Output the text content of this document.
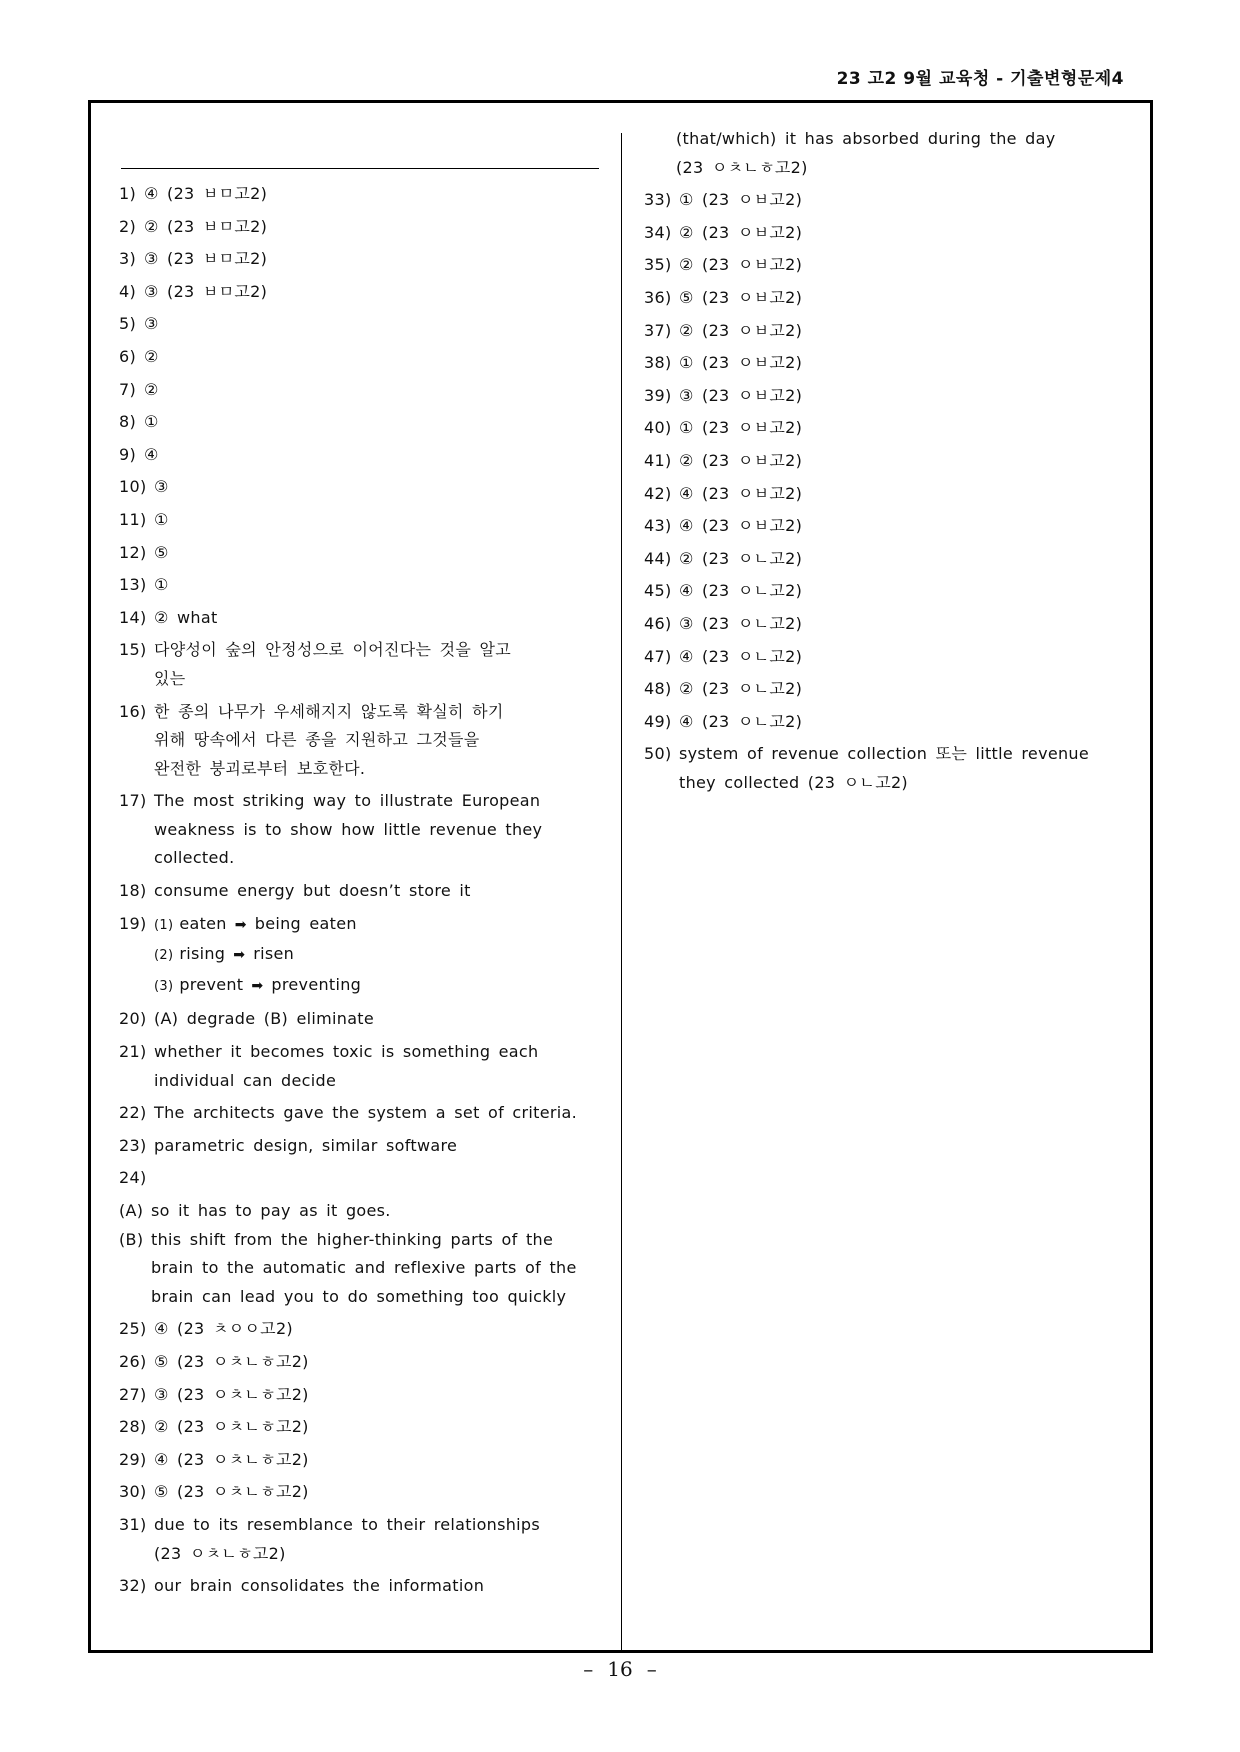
23 고2 9월 교육청 - 기출변형문제4
1) ④ (23 ㅂㅁ고2)
2) ② (23 ㅂㅁ고2)
3) ③ (23 ㅂㅁ고2)
4) ③ (23 ㅂㅁ고2)
5) ③
6) ②
7) ②
8) ①
9) ④
10) ③
11) ①
12) ⑤
13) ①
14) ② what
15) 다양성이 숲의 안정성으로 이어진다는 것을 알고
있는
16) 한 종의 나무가 우세해지지 않도록 확실히 하기
위해 땅속에서 다른 종을 지원하고 그것들을
완전한 붕괴로부터 보호한다.
17) The most striking way to illustrate European
weakness is to show how little revenue they
collected.
18) consume energy but doesn’t store it
19) (1) eaten ➡ being eaten
(2) rising ➡ risen
(3) prevent ➡ preventing
20) (A) degrade (B) eliminate
21) whether it becomes toxic is something each
individual can decide
22) The architects gave the system a set of criteria.
23) parametric design, similar software
24)
(A) so it has to pay as it goes.
(B) this shift from the higher-thinking parts of the
brain to the automatic and reflexive parts of the
brain can lead you to do something too quickly
25) ④ (23 ㅊㅇㅇ고2)
26) ⑤ (23 ㅇㅊㄴㅎ고2)
27) ③ (23 ㅇㅊㄴㅎ고2)
28) ② (23 ㅇㅊㄴㅎ고2)
29) ④ (23 ㅇㅊㄴㅎ고2)
30) ⑤ (23 ㅇㅊㄴㅎ고2)
31) due to its resemblance to their relationships
(23 ㅇㅊㄴㅎ고2)
32) our brain consolidates the information
(that/which) it has absorbed during the day
(23 ㅇㅊㄴㅎ고2)
33) ① (23 ㅇㅂ고2)
34) ② (23 ㅇㅂ고2)
35) ② (23 ㅇㅂ고2)
36) ⑤ (23 ㅇㅂ고2)
37) ② (23 ㅇㅂ고2)
38) ① (23 ㅇㅂ고2)
39) ③ (23 ㅇㅂ고2)
40) ① (23 ㅇㅂ고2)
41) ② (23 ㅇㅂ고2)
42) ④ (23 ㅇㅂ고2)
43) ④ (23 ㅇㅂ고2)
44) ② (23 ㅇㄴ고2)
45) ④ (23 ㅇㄴ고2)
46) ③ (23 ㅇㄴ고2)
47) ④ (23 ㅇㄴ고2)
48) ② (23 ㅇㄴ고2)
49) ④ (23 ㅇㄴ고2)
50) system of revenue collection 또는 little revenue
they collected (23 ㅇㄴ고2)
– 16 –
